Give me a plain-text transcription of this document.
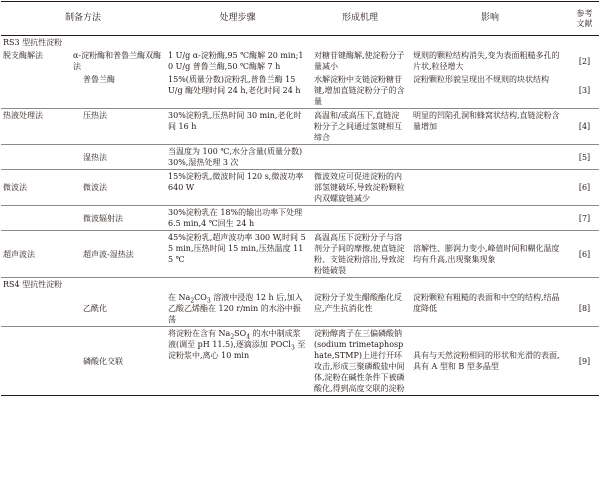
制备方法		处理步骤	形成机理	影响	参考
文献
RS3 型抗性淀粉					
脱支酶解法	α-淀粉酶和普鲁兰酶双酶法	1 U/g α-淀粉酶,95 ℃酶解 20 min;10 U/g 普鲁兰酶,50 ℃酶解 7 h	对糖苷键酶解,使淀粉分子量减小	规则的颗粒结构消失,变为表面粗糙多孔的片状,粒径增大	[2]
	普鲁兰酶	15%(质量分数)淀粉乳,普鲁兰酶 15 U/g 酶处理时间 24 h,老化时间 24 h	水解淀粉中支链淀粉糖苷键,增加直链淀粉分子的含量	淀粉颗粒形貌呈现出不规则的块状结构	[3]
热液处理法	压热法	30%淀粉乳,压热时间 30 min,老化时间 16 h	高温和/或高压下,直链淀粉分子之间通过氢键相互缔合	明显的凹陷孔洞和蜂窝状结构,直链淀粉含量增加	[4]
	湿热法	当温度为 100 ℃,水分含量(质量分数)30%,湿热处理 3 次			[5]
微波法	微波法	15%淀粉乳,微波时间 120 s,微波功率 640 W	微波效应可促进淀粉的内部氢键破坏,导致淀粉颗粒内双螺旋链减少		[6]
	微波辐射法	30%淀粉乳在 18%的输出功率下处理 6.5 min,4 ℃回生 24 h			[7]
超声波法	超声波-湿热法	45%淀粉乳,超声波功率 300 W,时间 55 min,压热时间 15 min,压热温度 115 ℃	高温高压下淀粉分子与溶剂分子间的摩擦,使直链淀粉、支链淀粉溶出,导致淀粉链破裂	溶解性、膨润力变小,峰值时间和糊化温度均有升高,出现聚集现象	[6]
RS4 型抗性淀粉					
	乙酰化	在 $Na_2CO_3$ 溶液中浸泡 12 h 后,加入乙酸乙烯酯在 120 r/min 的水浴中振荡	淀粉分子发生醋酸酯化反应,产生抗消化性	淀粉颗粒有粗糙的表面和中空的结构,结晶度降低	[8]
	磷酸化交联	将淀粉在含有 $Na_2SO_4$ 的水中制成浆液(调至 pH 11.5),逐滴添加 POCl$_3$ 至淀粉浆中,离心 10 min	淀粉醇离子在三偏磷酸钠(sodium trimetaphosphate,STMP)上进行开环攻击,形成三聚磷酸盐中间体,淀粉在碱性条件下被磷酸化,得到高度交联的淀粉	具有与天然淀粉相同的形状和光滑的表面,具有 A 型和 B 型多晶型	[9]
